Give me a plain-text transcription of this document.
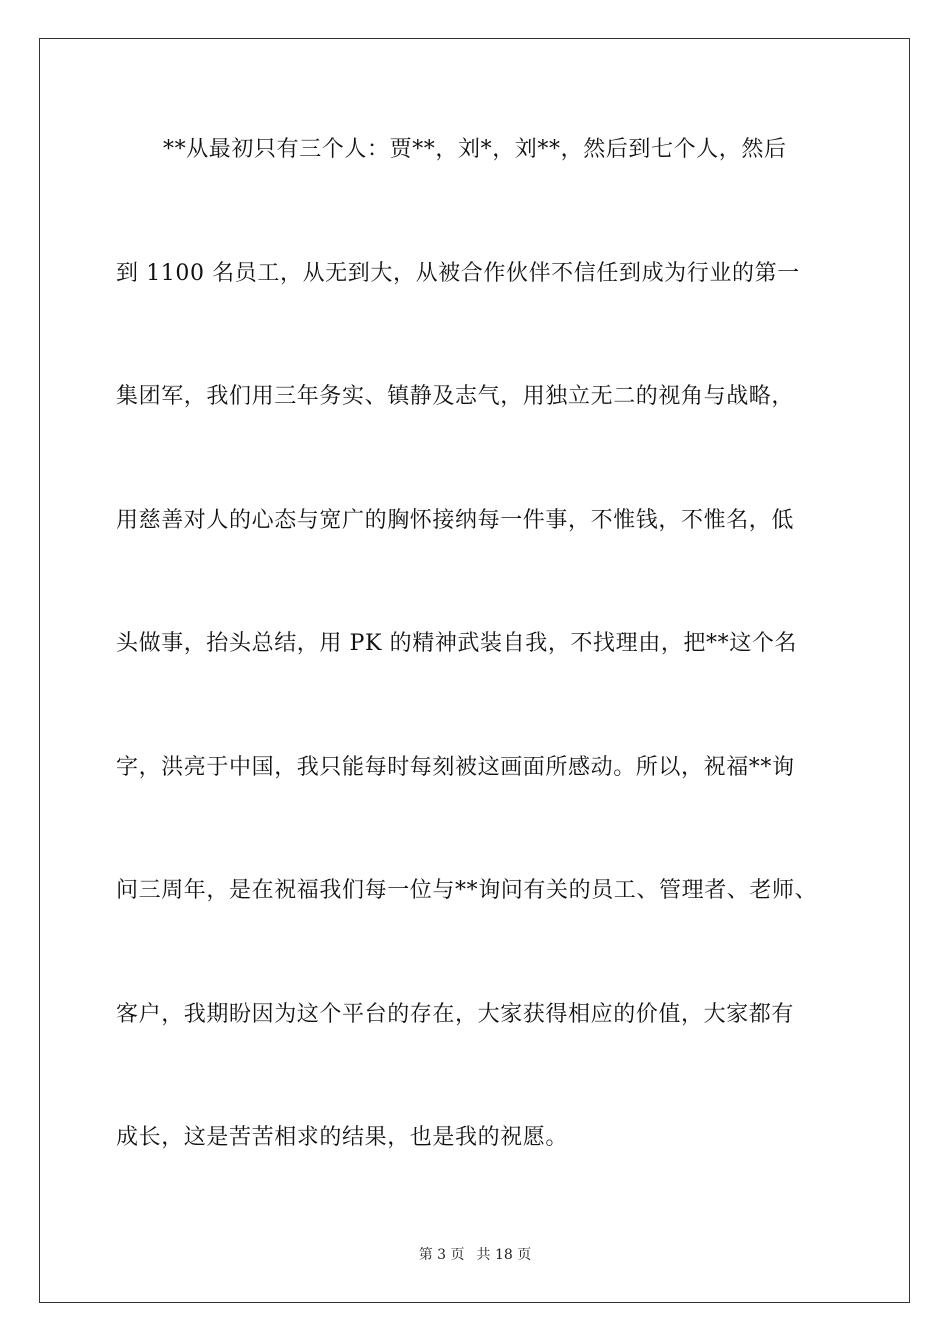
**从最初只有三个人：贾**，刘*，刘**，然后到七个人，然后
到 1100 名员工，从无到大，从被合作伙伴不信任到成为行业的第一
集团军，我们用三年务实、镇静及志气，用独立无二的视角与战略，
用慈善对人的心态与宽广的胸怀接纳每一件事，不惟钱，不惟名，低
头做事，抬头总结，用 PK 的精神武装自我，不找理由，把**这个名
字，洪亮于中国，我只能每时每刻被这画面所感动。所以，祝福**询
问三周年，是在祝福我们每一位与**询问有关的员工、管理者、老师、
客户，我期盼因为这个平台的存在，大家获得相应的价值，大家都有
成长，这是苦苦相求的结果，也是我的祝愿。
第 3 页 共 18 页
